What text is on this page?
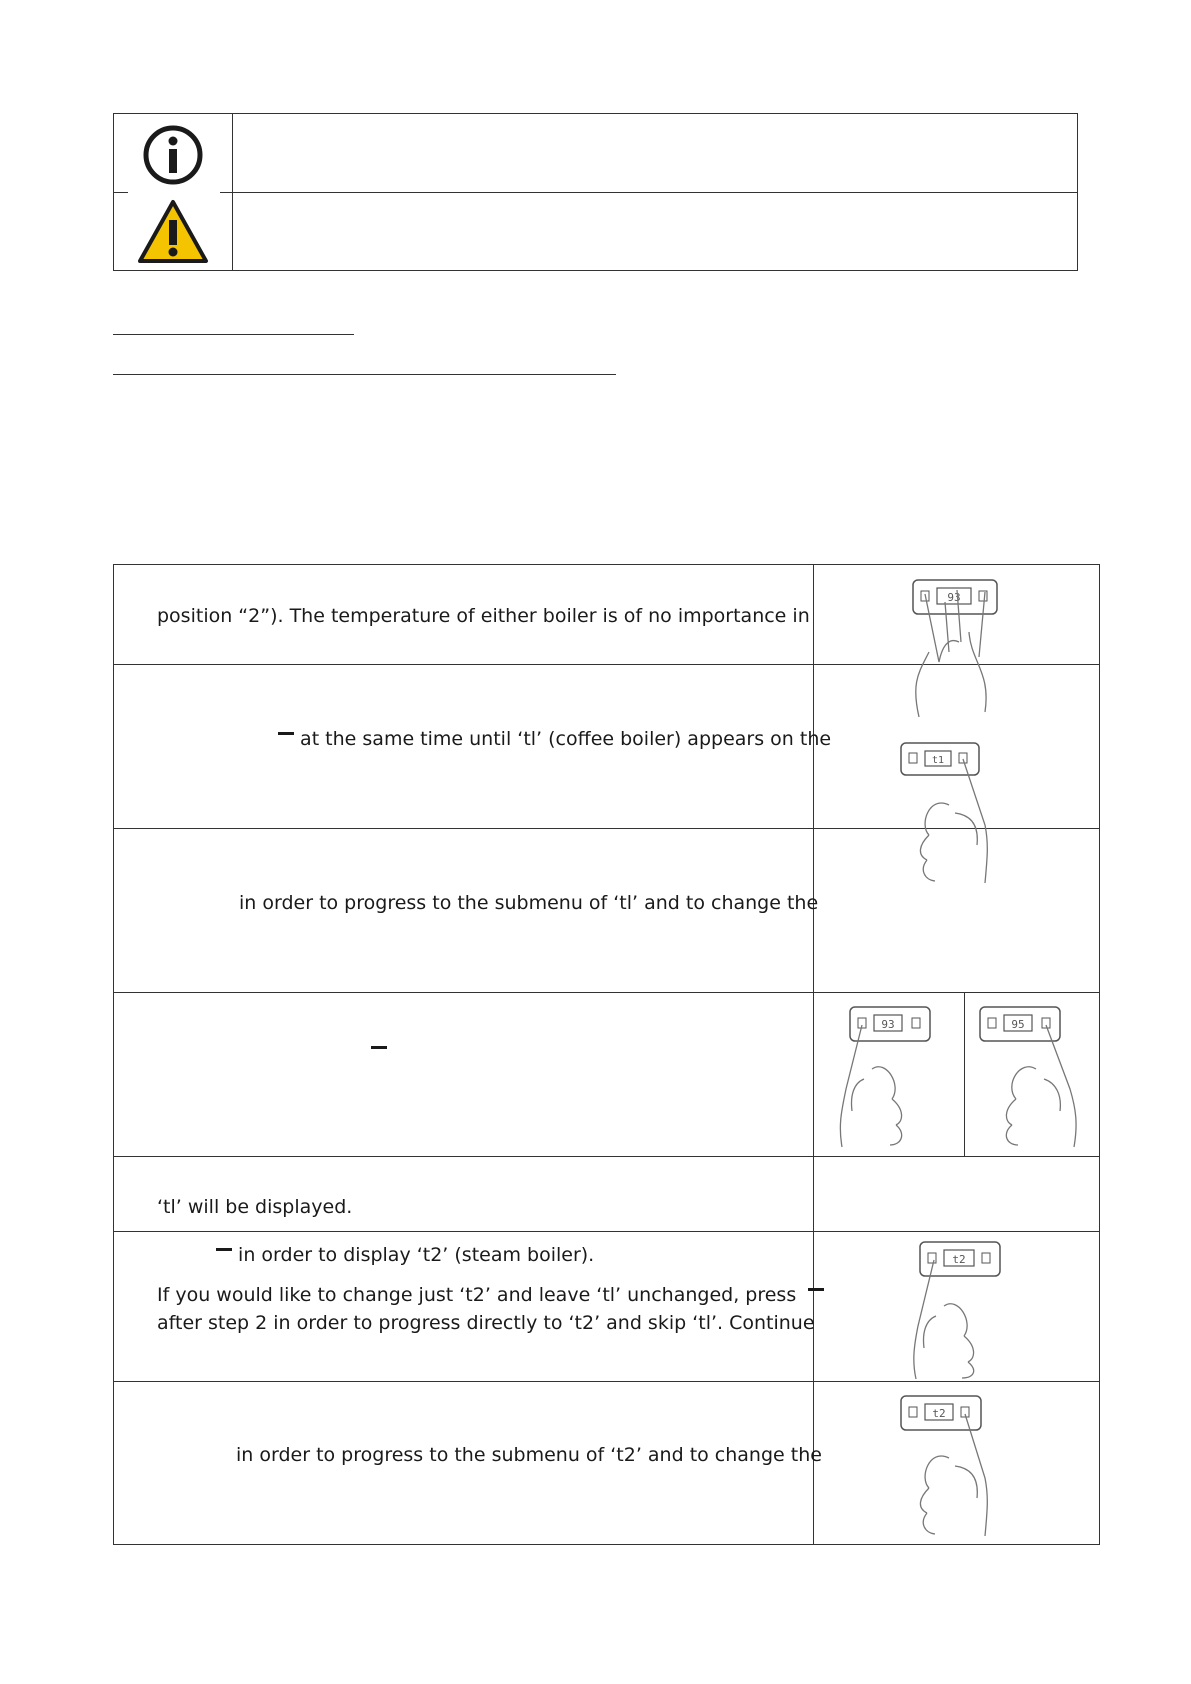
position “2”). The temperature of either boiler is of no importance in
at the same time until ‘tl’ (coffee boiler) appears on the
93
in order to progress to the submenu of ‘tl’ and to change the
t1
93	95
‘tl’ will be displayed.
in order to display ‘t2’ (steam boiler).
If you would like to change just ‘t2’ and leave ‘tl’ unchanged, press
after step 2 in order to progress directly to ‘t2’ and skip ‘tl’. Continue
t2
in order to progress to the submenu of ‘t2’ and to change the
t2
